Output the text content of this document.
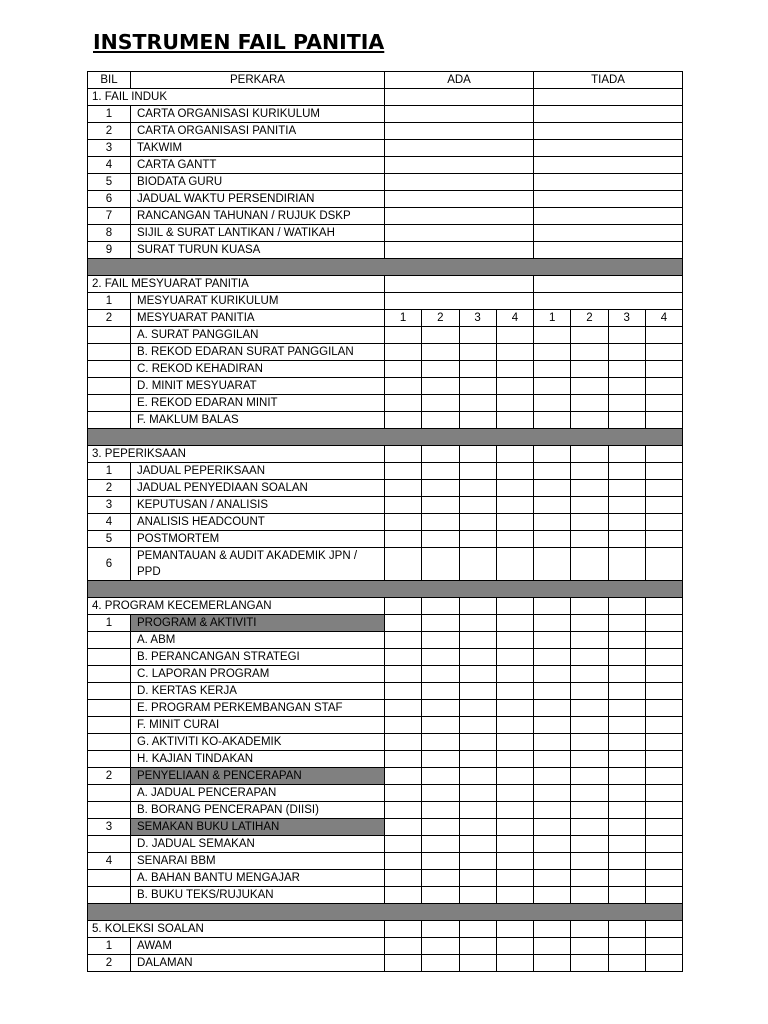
INSTRUMEN FAIL PANITIA
BIL	PERKARA	ADA				TIADA			
1. FAIL INDUK									
1	CARTA ORGANISASI KURIKULUM								
2	CARTA ORGANISASI PANITIA								
3	TAKWIM								
4	CARTA GANTT								
5	BIODATA GURU								
6	JADUAL WAKTU PERSENDIRIAN								
7	RANCANGAN TAHUNAN / RUJUK DSKP								
8	SIJIL & SURAT LANTIKAN / WATIKAH								
9	SURAT TURUN KUASA								

2. FAIL MESYUARAT PANITIA									
1	MESYUARAT KURIKULUM								
2	MESYUARAT PANITIA	1	2	3	4	1	2	3	4
	A. SURAT PANGGILAN								
	B. REKOD EDARAN SURAT PANGGILAN								
	C. REKOD KEHADIRAN								
	D. MINIT MESYUARAT								
	E. REKOD EDARAN MINIT								
	F. MAKLUM BALAS								

3. PEPERIKSAAN									
1	JADUAL PEPERIKSAAN								
2	JADUAL PENYEDIAAN SOALAN								
3	KEPUTUSAN / ANALISIS								
4	ANALISIS HEADCOUNT								
5	POSTMORTEM								
6	PEMANTAUAN & AUDIT AKADEMIK JPN / PPD								

4. PROGRAM KECEMERLANGAN									
1	PROGRAM & AKTIVITI								
	A. ABM								
	B. PERANCANGAN STRATEGI								
	C. LAPORAN PROGRAM								
	D. KERTAS KERJA								
	E. PROGRAM PERKEMBANGAN STAF								
	F. MINIT CURAI								
	G. AKTIVITI KO-AKADEMIK								
	H. KAJIAN TINDAKAN								
2	PENYELIAAN & PENCERAPAN								
	A. JADUAL PENCERAPAN								
	B. BORANG PENCERAPAN (DIISI)								
3	SEMAKAN BUKU LATIHAN								
	D. JADUAL SEMAKAN								
4	SENARAI BBM								
	A. BAHAN BANTU MENGAJAR								
	B. BUKU TEKS/RUJUKAN								

5. KOLEKSI SOALAN									
1	AWAM								
2	DALAMAN								
